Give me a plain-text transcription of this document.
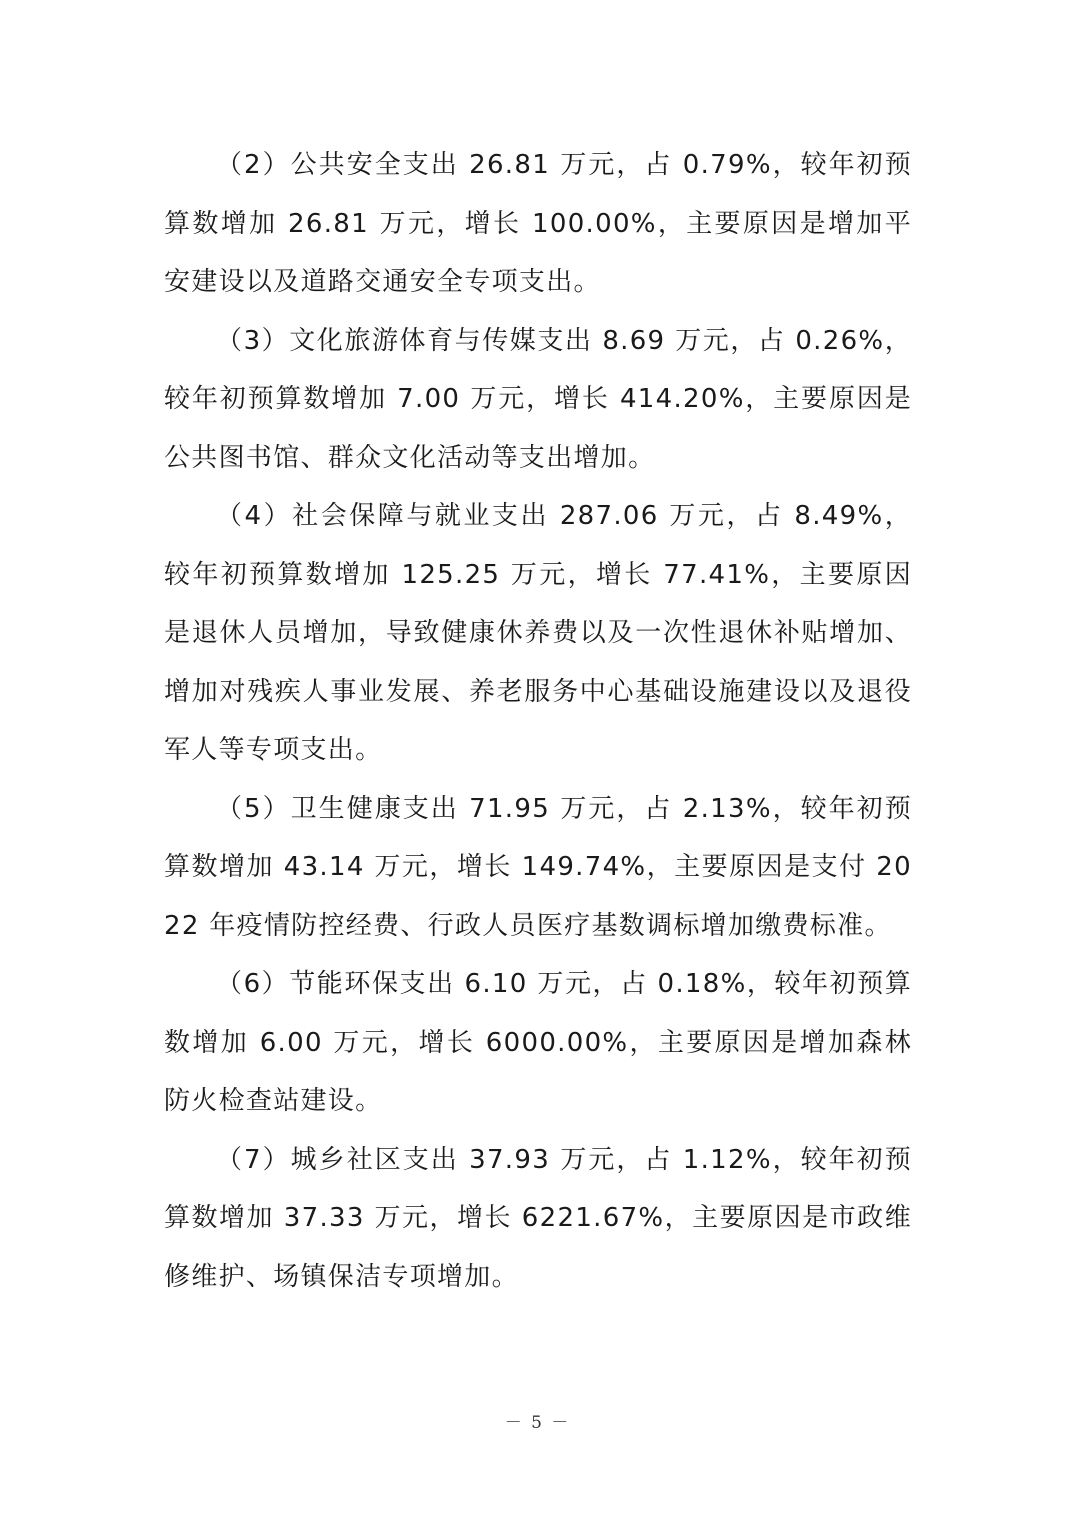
（2）公共安全支出 26.81 万元，占 0.79%，较年初预算数增加 26.81 万元，增长 100.00%，主要原因是增加平安建设以及道路交通安全专项支出。

（3）文化旅游体育与传媒支出 8.69 万元，占 0.26%，较年初预算数增加 7.00 万元，增长 414.20%，主要原因是公共图书馆、群众文化活动等支出增加。

（4）社会保障与就业支出 287.06 万元，占 8.49%，较年初预算数增加 125.25 万元，增长 77.41%，主要原因是退休人员增加，导致健康休养费以及一次性退休补贴增加、增加对残疾人事业发展、养老服务中心基础设施建设以及退役军人等专项支出。

（5）卫生健康支出 71.95 万元，占 2.13%，较年初预算数增加 43.14 万元，增长 149.74%，主要原因是支付 2022 年疫情防控经费、行政人员医疗基数调标增加缴费标准。

（6）节能环保支出 6.10 万元，占 0.18%，较年初预算数增加 6.00 万元，增长 6000.00%，主要原因是增加森林防火检查站建设。

（7）城乡社区支出 37.93 万元，占 1.12%，较年初预算数增加 37.33 万元，增长 6221.67%，主要原因是市政维修维护、场镇保洁专项增加。

－ 5 －
